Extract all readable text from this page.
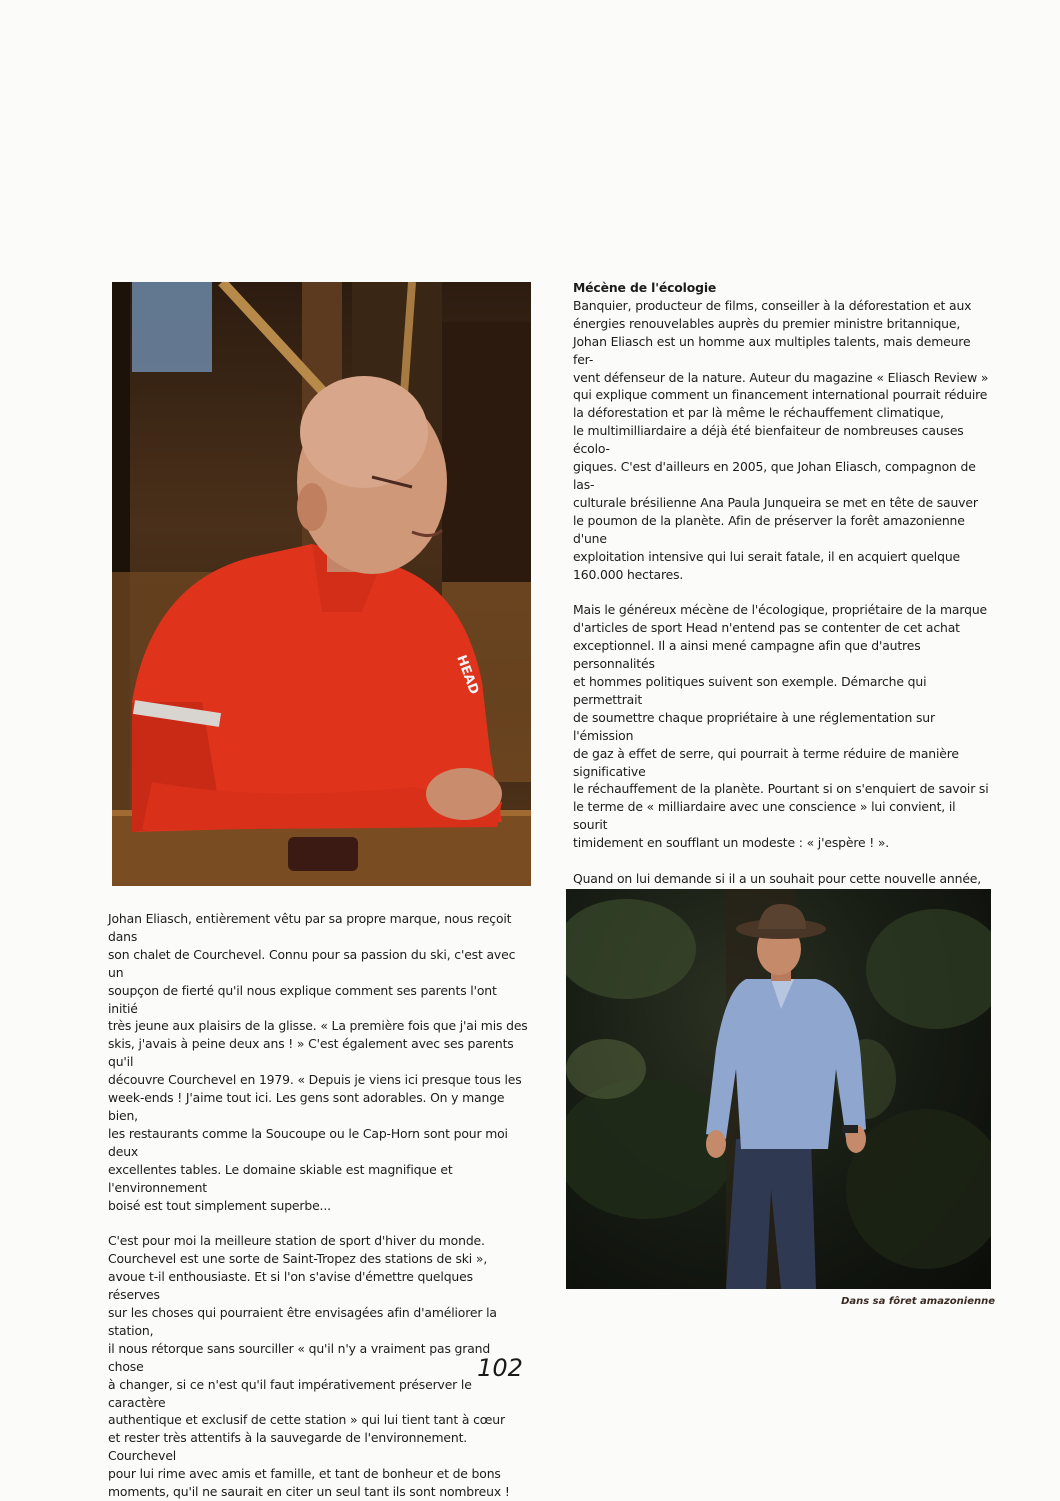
HEAD

Mécène de l'écologie

Banquier, producteur de films, conseiller à la déforestation et aux
énergies renouvelables auprès du premier ministre britannique,
Johan Eliasch est un homme aux multiples talents, mais demeure fer-
vent défenseur de la nature. Auteur du magazine « Eliasch Review »
qui explique comment un financement international pourrait réduire
la déforestation et par là même le réchauffement climatique,
le multimilliardaire a déjà été bienfaiteur de nombreuses causes écolo-
giques. C'est d'ailleurs en 2005, que Johan Eliasch, compagnon de las-
culturale brésilienne Ana Paula Junqueira se met en tête de sauver
le poumon de la planète. Afin de préserver la forêt amazonienne d'une
exploitation intensive qui lui serait fatale, il en acquiert quelque
160.000 hectares.

Mais le généreux mécène de l'écologique, propriétaire de la marque
d'articles de sport Head n'entend pas se contenter de cet achat
exceptionnel. Il a ainsi mené campagne afin que d'autres personnalités
et hommes politiques suivent son exemple. Démarche qui permettrait
de soumettre chaque propriétaire à une réglementation sur l'émission
de gaz à effet de serre, qui pourrait à terme réduire de manière significative
le réchauffement de la planète. Pourtant si on s'enquiert de savoir si
le terme de « milliardaire avec une conscience » lui convient, il sourit
timidement en soufflant un modeste : « j'espère ! ».

Quand on lui demande si il a un souhait pour cette nouvelle année,

Johan Eliasch, entièrement vêtu par sa propre marque, nous reçoit dans
son chalet de Courchevel. Connu pour sa passion du ski, c'est avec un
soupçon de fierté qu'il nous explique comment ses parents l'ont initié
très jeune aux plaisirs de la glisse. « La première fois que j'ai mis des
skis, j'avais à peine deux ans ! » C'est également avec ses parents qu'il
découvre Courchevel en 1979. « Depuis je viens ici presque tous les
week-ends ! J'aime tout ici. Les gens sont adorables. On y mange bien,
les restaurants comme la Soucoupe ou le Cap-Horn sont pour moi deux
excellentes tables. Le domaine skiable est magnifique et l'environnement
boisé est tout simplement superbe...

C'est pour moi la meilleure station de sport d'hiver du monde.
Courchevel est une sorte de Saint-Tropez des stations de ski »,
avoue t-il enthousiaste. Et si l'on s'avise d'émettre quelques réserves
sur les choses qui pourraient être envisagées afin d'améliorer la station,
il nous rétorque sans sourciller « qu'il n'y a vraiment pas grand chose
à changer, si ce n'est qu'il faut impérativement préserver le caractère
authentique et exclusif de cette station » qui lui tient tant à cœur
et rester très attentifs à la sauvegarde de l'environnement. Courchevel
pour lui rime avec amis et famille, et tant de bonheur et de bons
moments, qu'il ne saurait en citer un seul tant ils sont nombreux !

Dans sa fôret amazonienne
102
